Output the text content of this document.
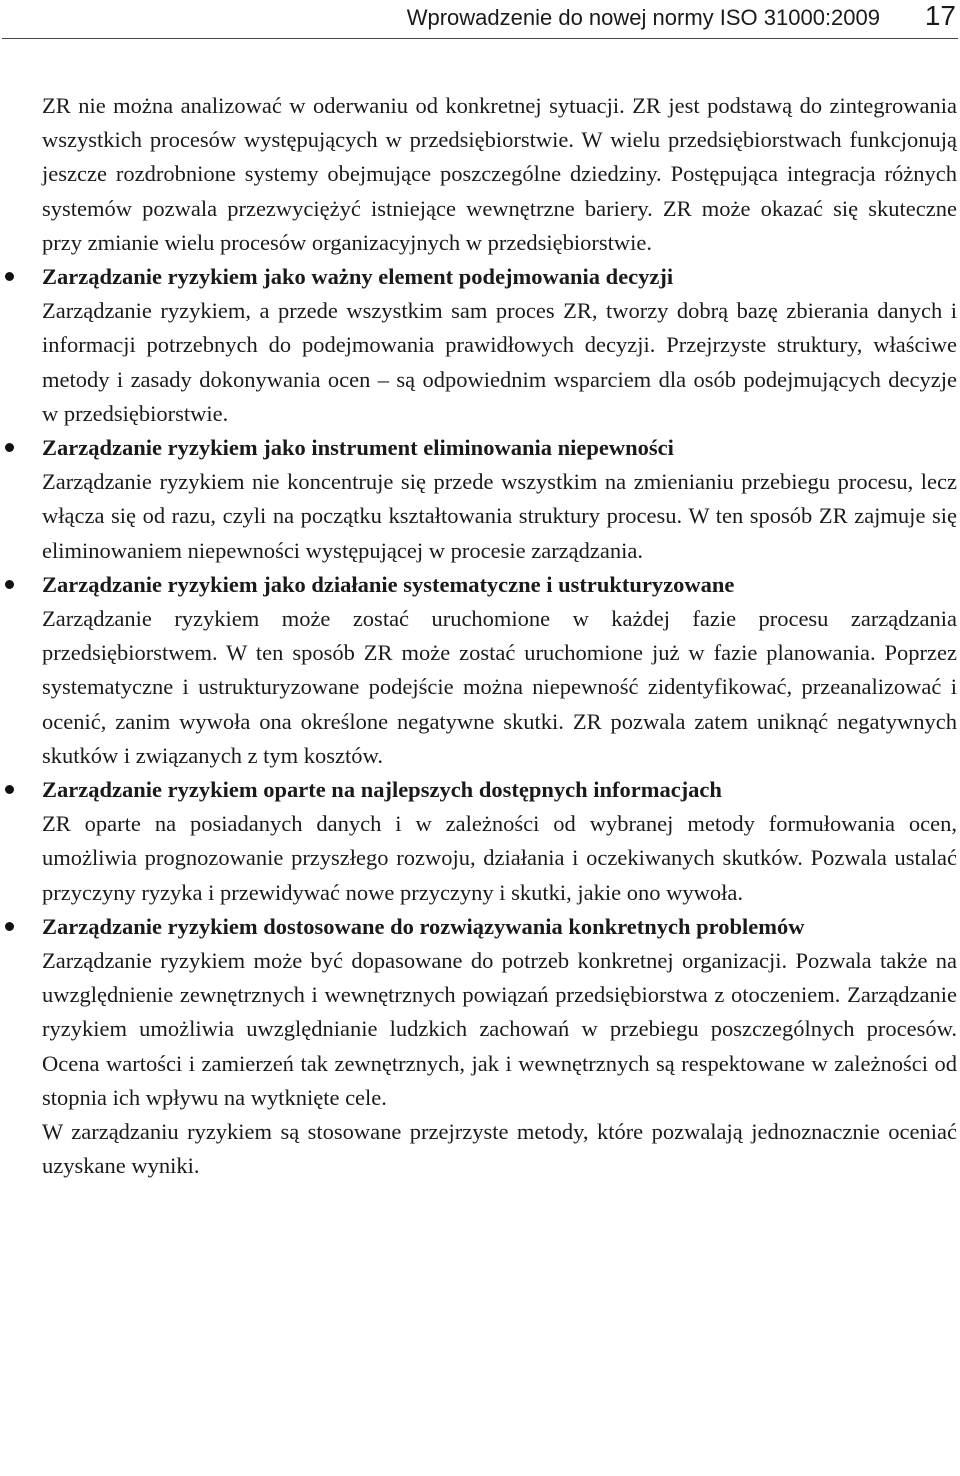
Wprowadzenie do nowej normy ISO 31000:2009 17

ZR nie można analizować w oderwaniu od konkretnej sytuacji. ZR jest podstawą do zintegrowania wszystkich procesów występujących w przedsiębiorstwie. W wielu przedsiębiorstwach funkcjonują jeszcze rozdrobnione systemy obejmujące poszczególne dziedziny. Postępująca integracja różnych systemów pozwala przezwyciężyć istniejące wewnętrzne bariery. ZR może okazać się skuteczne przy zmianie wielu procesów organizacyjnych w przedsiębiorstwie.

Zarządzanie ryzykiem jako ważny element podejmowania decyzji

Zarządzanie ryzykiem, a przede wszystkim sam proces ZR, tworzy dobrą bazę zbierania danych i informacji potrzebnych do podejmowania prawidłowych decyzji. Przejrzyste struktury, właściwe metody i zasady dokonywania ocen – są odpowiednim wsparciem dla osób podejmujących decyzje w przedsiębiorstwie.

Zarządzanie ryzykiem jako instrument eliminowania niepewności

Zarządzanie ryzykiem nie koncentruje się przede wszystkim na zmienianiu przebiegu procesu, lecz włącza się od razu, czyli na początku kształtowania struktury procesu. W ten sposób ZR zajmuje się eliminowaniem niepewności występującej w procesie zarządzania.

Zarządzanie ryzykiem jako działanie systematyczne i ustrukturyzowane

Zarządzanie ryzykiem może zostać uruchomione w każdej fazie procesu zarządzania przedsiębiorstwem. W ten sposób ZR może zostać uruchomione już w fazie planowania. Poprzez systematyczne i ustrukturyzowane podejście można niepewność zidentyfikować, przeanalizować i ocenić, zanim wywoła ona określone negatywne skutki. ZR pozwala zatem uniknąć negatywnych skutków i związanych z tym kosztów.

Zarządzanie ryzykiem oparte na najlepszych dostępnych informacjach

ZR oparte na posiadanych danych i w zależności od wybranej metody formułowania ocen, umożliwia prognozowanie przyszłego rozwoju, działania i oczekiwanych skutków. Pozwala ustalać przyczyny ryzyka i przewidywać nowe przyczyny i skutki, jakie ono wywoła.

Zarządzanie ryzykiem dostosowane do rozwiązywania konkretnych problemów

Zarządzanie ryzykiem może być dopasowane do potrzeb konkretnej organizacji. Pozwala także na uwzględnienie zewnętrznych i wewnętrznych powiązań przedsiębiorstwa z otoczeniem. Zarządzanie ryzykiem umożliwia uwzględnianie ludzkich zachowań w przebiegu poszczególnych procesów. Ocena wartości i zamierzeń tak zewnętrznych, jak i wewnętrznych są respektowane w zależności od stopnia ich wpływu na wytknięte cele.

W zarządzaniu ryzykiem są stosowane przejrzyste metody, które pozwalają jednoznacznie oceniać uzyskane wyniki.
